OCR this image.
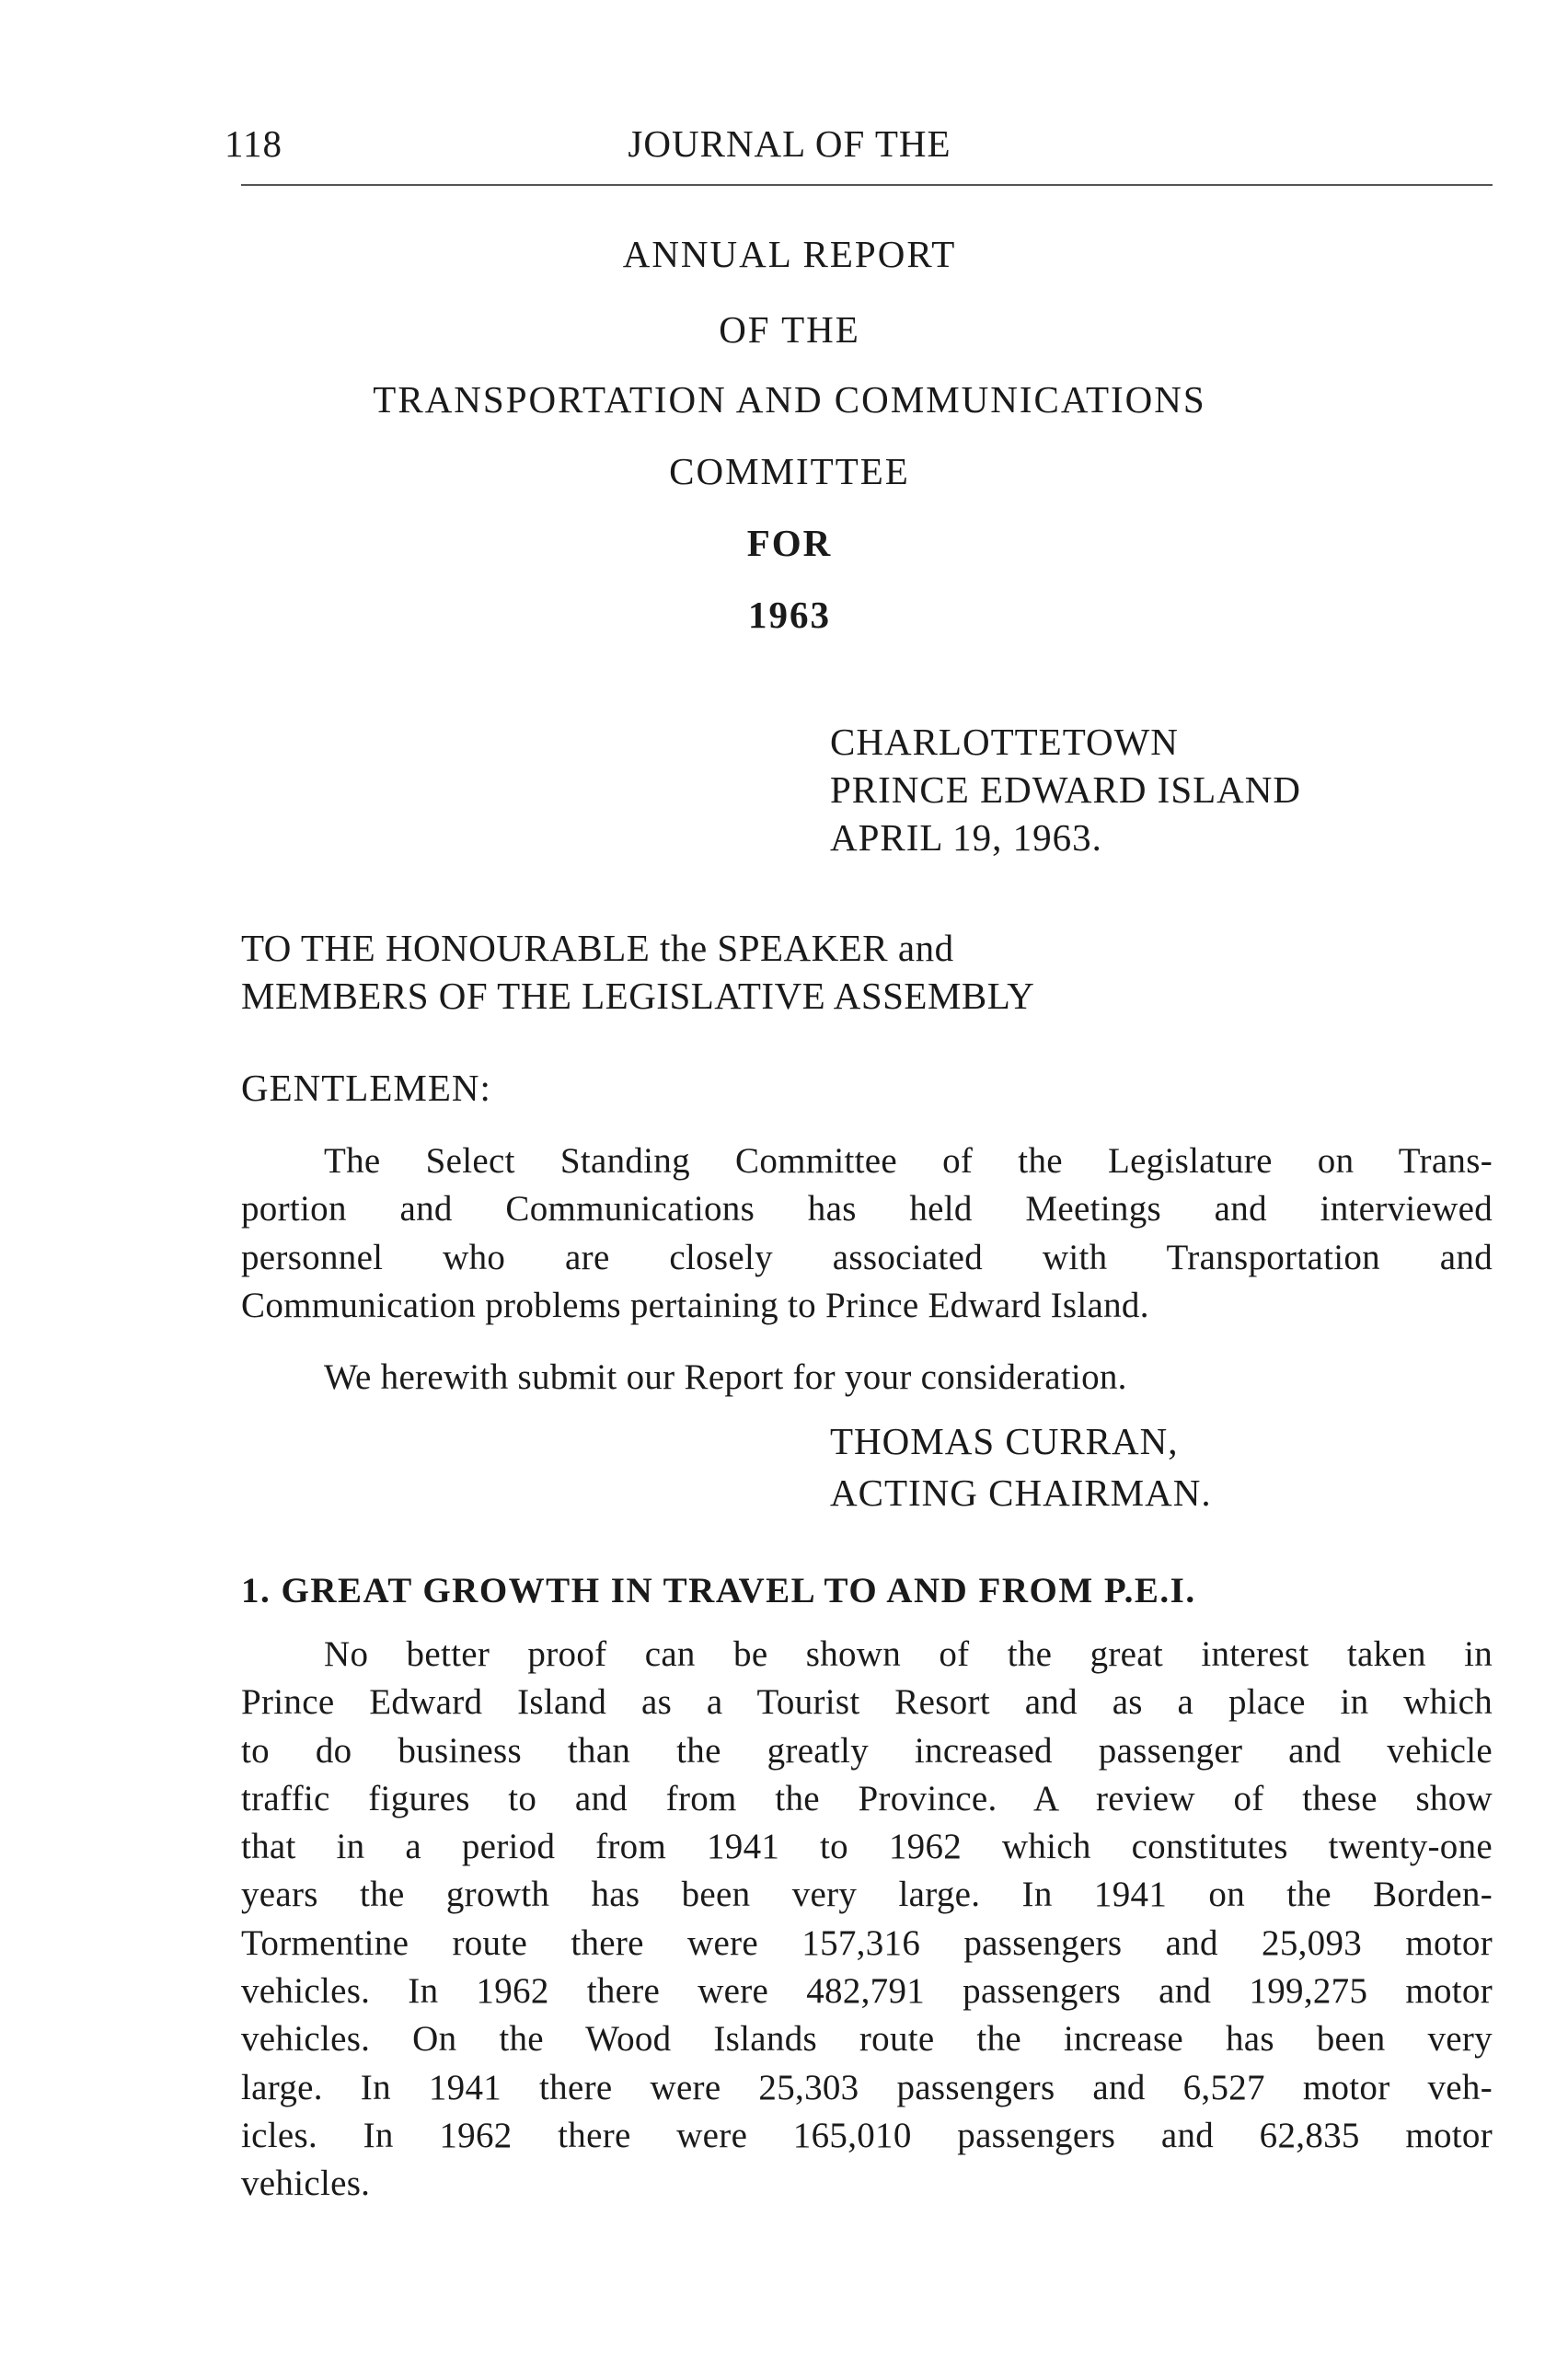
118	JOURNAL OF THE
ANNUAL REPORT
OF THE
TRANSPORTATION AND COMMUNICATIONS
COMMITTEE
FOR
1963
CHARLOTTETOWN
PRINCE EDWARD ISLAND
APRIL 19, 1963.
TO THE HONOURABLE the SPEAKER and
MEMBERS OF THE LEGISLATIVE ASSEMBLY
GENTLEMEN:
The Select Standing Committee of the Legislature on Trans-
portion and Communications has held Meetings and interviewed
personnel who are closely associated with Transportation and
Communication problems pertaining to Prince Edward Island.
We herewith submit our Report for your consideration.
THOMAS CURRAN,
ACTING CHAIRMAN.
1. GREAT GROWTH IN TRAVEL TO AND FROM P.E.I.
No better proof can be shown of the great interest taken in
Prince Edward Island as a Tourist Resort and as a place in which
to do business than the greatly increased passenger and vehicle
traffic figures to and from the Province. A review of these show
that in a period from 1941 to 1962 which constitutes twenty-one
years the growth has been very large. In 1941 on the Borden-
Tormentine route there were 157,316 passengers and 25,093 motor
vehicles. In 1962 there were 482,791 passengers and 199,275 motor
vehicles. On the Wood Islands route the increase has been very
large. In 1941 there were 25,303 passengers and 6,527 motor veh-
icles. In 1962 there were 165,010 passengers and 62,835 motor
vehicles.
